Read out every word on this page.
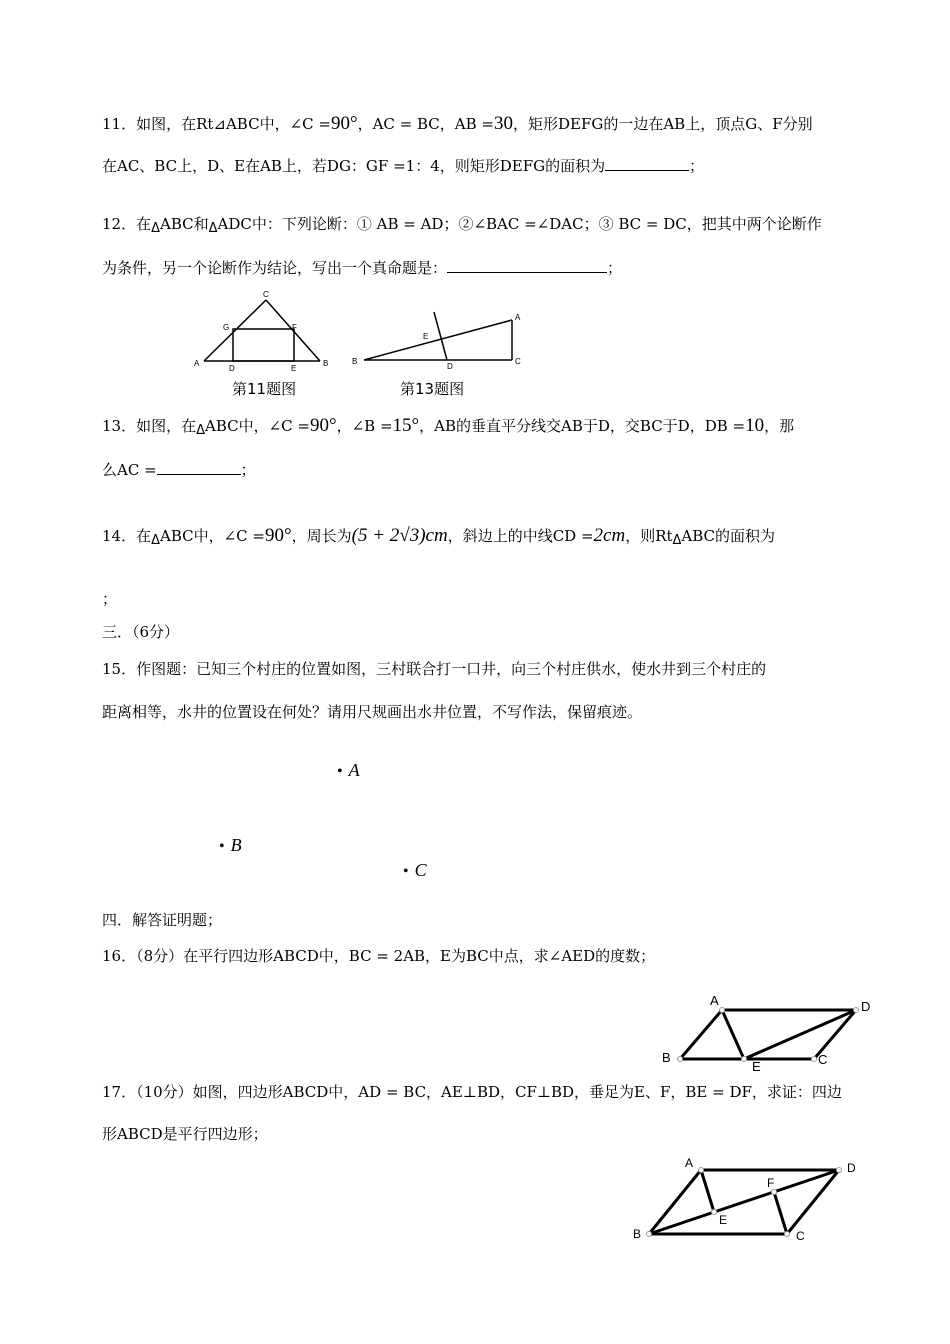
11．如图，在Rt⊿ABC中，∠C =90°，AC = BC，AB =30，矩形DEFG的一边在AB上，顶点G、F分别
在AC、BC上，D、E在AB上，若DG：GF =1：4，则矩形DEFG的面积为	；
12．在ΔABC和ΔADC中：下列论断：① AB = AD；②∠BAC =∠DAC；③ BC = DC，把其中两个论断作
为条件，另一个论断作为结论，写出一个真命题是：	；
A	B
C
D	E
F
G
第11题图
B
A
C
D
E
第13题图
13．如图，在ΔABC中，∠C =90°，∠B =15°，AB的垂直平分线交AB于D，交BC于D，DB =10，那
么AC =	；
14．在ΔABC中，∠C =90°，周长为(5 + 2√3)cm，斜边上的中线CD =2cm，则RtΔABC的面积为
；
三．（6分）
15．作图题：已知三个村庄的位置如图，三村联合打一口井，向三个村庄供水，使水井到三个村庄的
距离相等，水井的位置设在何处？请用尺规画出水井位置，不写作法，保留痕迹。
• A
• B
• C
四．解答证明题；
16．（8分）在平行四边形ABCD中，BC = 2AB，E为BC中点，求∠AED的度数；
A
B	C
D
E
17．（10分）如图，四边形ABCD中，AD = BC，AE⊥BD，CF⊥BD，垂足为E、F，BE = DF，求证：四边
形ABCD是平行四边形；
A
B	C
D
E
F
